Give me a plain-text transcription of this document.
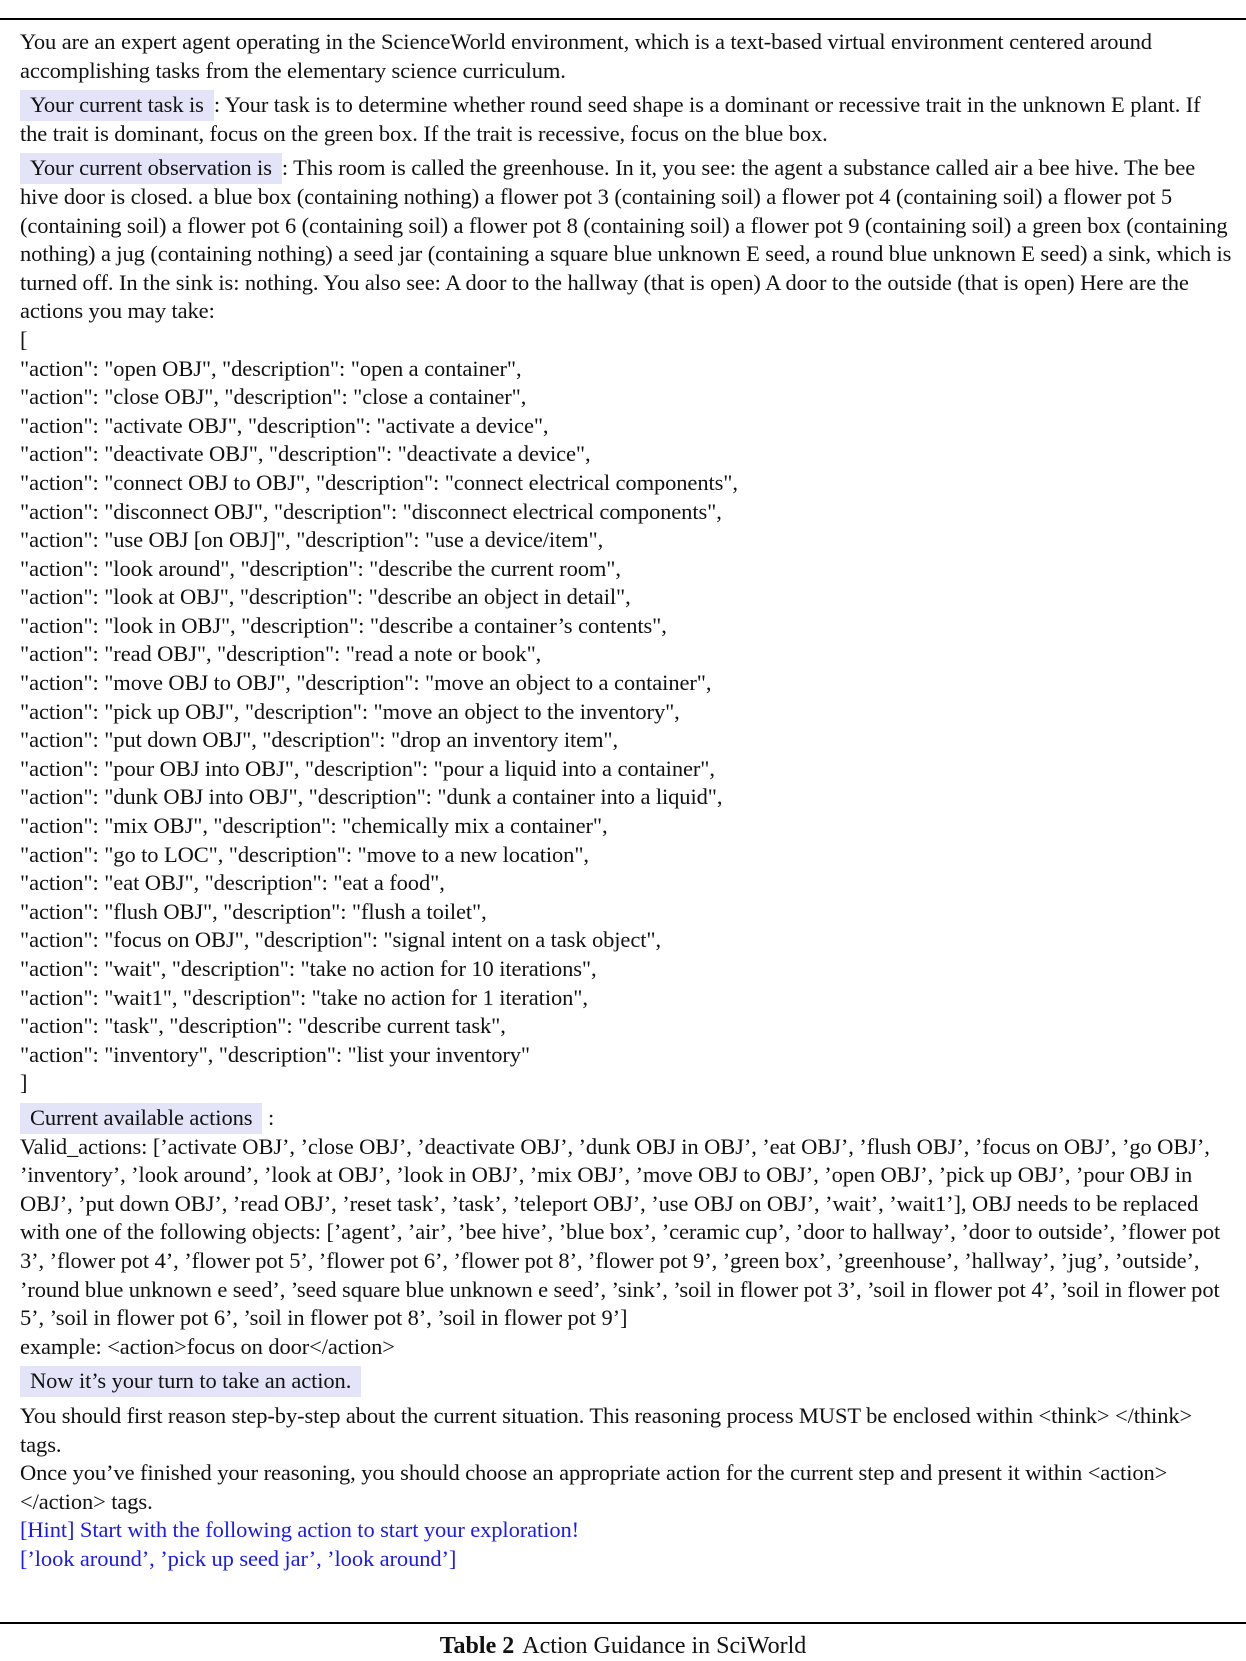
You are an expert agent operating in the ScienceWorld environment, which is a text-based virtual environment centered around accomplishing tasks from the elementary science curriculum.

Your current task is : Your task is to determine whether round seed shape is a dominant or recessive trait in the unknown E plant. If the trait is dominant, focus on the green box. If the trait is recessive, focus on the blue box.

Your current observation is : This room is called the greenhouse. In it, you see: the agent a substance called air a bee hive. The bee hive door is closed. a blue box (containing nothing) a flower pot 3 (containing soil) a flower pot 4 (containing soil) a flower pot 5 (containing soil) a flower pot 6 (containing soil) a flower pot 8 (containing soil) a flower pot 9 (containing soil) a green box (containing nothing) a jug (containing nothing) a seed jar (containing a square blue unknown E seed, a round blue unknown E seed) a sink, which is turned off. In the sink is: nothing. You also see: A door to the hallway (that is open) A door to the outside (that is open) Here are the actions you may take:

[

"action": "open OBJ", "description": "open a container",

"action": "close OBJ", "description": "close a container",

"action": "activate OBJ", "description": "activate a device",

"action": "deactivate OBJ", "description": "deactivate a device",

"action": "connect OBJ to OBJ", "description": "connect electrical components",

"action": "disconnect OBJ", "description": "disconnect electrical components",

"action": "use OBJ [on OBJ]", "description": "use a device/item",

"action": "look around", "description": "describe the current room",

"action": "look at OBJ", "description": "describe an object in detail",

"action": "look in OBJ", "description": "describe a container’s contents",

"action": "read OBJ", "description": "read a note or book",

"action": "move OBJ to OBJ", "description": "move an object to a container",

"action": "pick up OBJ", "description": "move an object to the inventory",

"action": "put down OBJ", "description": "drop an inventory item",

"action": "pour OBJ into OBJ", "description": "pour a liquid into a container",

"action": "dunk OBJ into OBJ", "description": "dunk a container into a liquid",

"action": "mix OBJ", "description": "chemically mix a container",

"action": "go to LOC", "description": "move to a new location",

"action": "eat OBJ", "description": "eat a food",

"action": "flush OBJ", "description": "flush a toilet",

"action": "focus on OBJ", "description": "signal intent on a task object",

"action": "wait", "description": "take no action for 10 iterations",

"action": "wait1", "description": "take no action for 1 iteration",

"action": "task", "description": "describe current task",

"action": "inventory", "description": "list your inventory"

]

Current available actions :

Valid_actions: [’activate OBJ’, ’close OBJ’, ’deactivate OBJ’, ’dunk OBJ in OBJ’, ’eat OBJ’, ’flush OBJ’, ’focus on OBJ’, ’go OBJ’, ’inventory’, ’look around’, ’look at OBJ’, ’look in OBJ’, ’mix OBJ’, ’move OBJ to OBJ’, ’open OBJ’, ’pick up OBJ’, ’pour OBJ in OBJ’, ’put down OBJ’, ’read OBJ’, ’reset task’, ’task’, ’teleport OBJ’, ’use OBJ on OBJ’, ’wait’, ’wait1’], OBJ needs to be replaced with one of the following objects: [’agent’, ’air’, ’bee hive’, ’blue box’, ’ceramic cup’, ’door to hallway’, ’door to outside’, ’flower pot 3’, ’flower pot 4’, ’flower pot 5’, ’flower pot 6’, ’flower pot 8’, ’flower pot 9’, ’green box’, ’greenhouse’, ’hallway’, ’jug’, ’outside’, ’round blue unknown e seed’, ’seed square blue unknown e seed’, ’sink’, ’soil in flower pot 3’, ’soil in flower pot 4’, ’soil in flower pot 5’, ’soil in flower pot 6’, ’soil in flower pot 8’, ’soil in flower pot 9’]

example: <action>focus on door</action>

Now it’s your turn to take an action.

You should first reason step-by-step about the current situation. This reasoning process MUST be enclosed within <think> </think> tags.

Once you’ve finished your reasoning, you should choose an appropriate action for the current step and present it within <action> </action> tags.

[Hint] Start with the following action to start your exploration!

[’look around’, ’pick up seed jar’, ’look around’]

Table 2 Action Guidance in SciWorld
